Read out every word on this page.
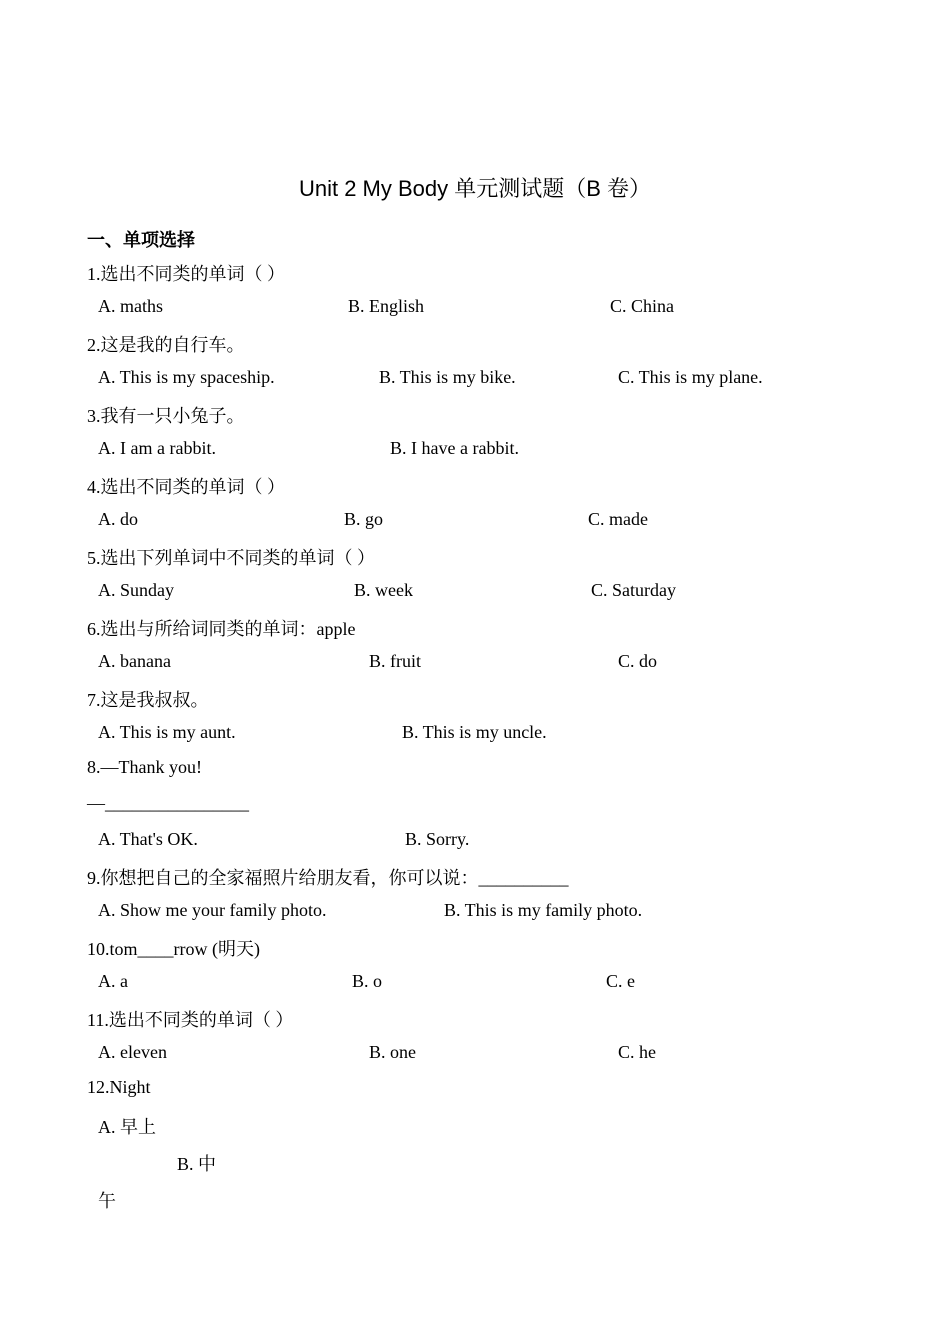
Unit 2 My Body 单元测试题（B 卷）
一、单项选择
1.选出不同类的单词（ ）
A. maths	B. English	C. China
2.这是我的自行车。
A. This is my spaceship.	B. This is my bike.	C. This is my plane.
3.我有一只小兔子。
A. I am a rabbit.	B. I have a rabbit.
4.选出不同类的单词（ ）
A. do	B. go	C. made
5.选出下列单词中不同类的单词（ ）
A. Sunday	B. week	C. Saturday
6.选出与所给词同类的单词：apple
A. banana	B. fruit	C. do
7.这是我叔叔。
A. This is my aunt.	B. This is my uncle.
8.—Thank you!
—________________
A. That's OK.	B. Sorry.
9.你想把自己的全家福照片给朋友看，你可以说：__________
A. Show me your family photo.	B. This is my family photo.
10.tom____rrow (明天)
A. a	B. o	C. e
11.选出不同类的单词（ ）
A. eleven	B. one	C. he
12.Night
A. 早上
B. 中
午
